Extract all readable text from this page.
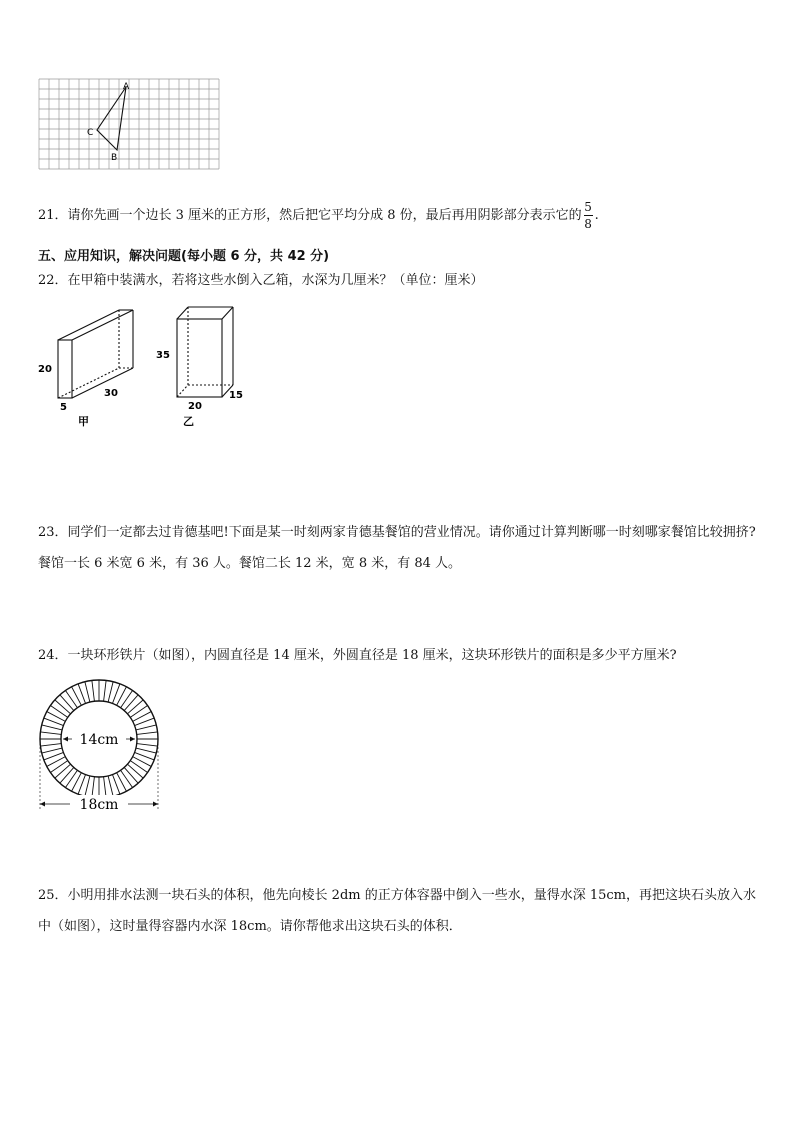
A
B
C
21．请你先画一个边长 3 厘米的正方形，然后把它平均分成 8 份，最后再用阴影部分表示它的 $\frac{5}{8}$ .
五、应用知识，解决问题(每小题 6 分，共 42 分)
22．在甲箱中装满水，若将这些水倒入乙箱，水深为几厘米？（单位：厘米）
20
30
5
甲
35
20
15
乙
23．同学们一定都去过肯德基吧!下面是某一时刻两家肯德基餐馆的营业情况。请你通过计算判断哪一时刻哪家餐馆比较拥挤?餐馆一长 6 米宽 6 米，有 36 人。餐馆二长 12 米，宽 8 米，有 84 人。
24．一块环形铁片（如图），内圆直径是 14 厘米，外圆直径是 18 厘米，这块环形铁片的面积是多少平方厘米?
14cm
18cm
25．小明用排水法测一块石头的体积，他先向棱长 2dm 的正方体容器中倒入一些水，量得水深 15cm，再把这块石头放入水中（如图），这时量得容器内水深 18cm。请你帮他求出这块石头的体积．
